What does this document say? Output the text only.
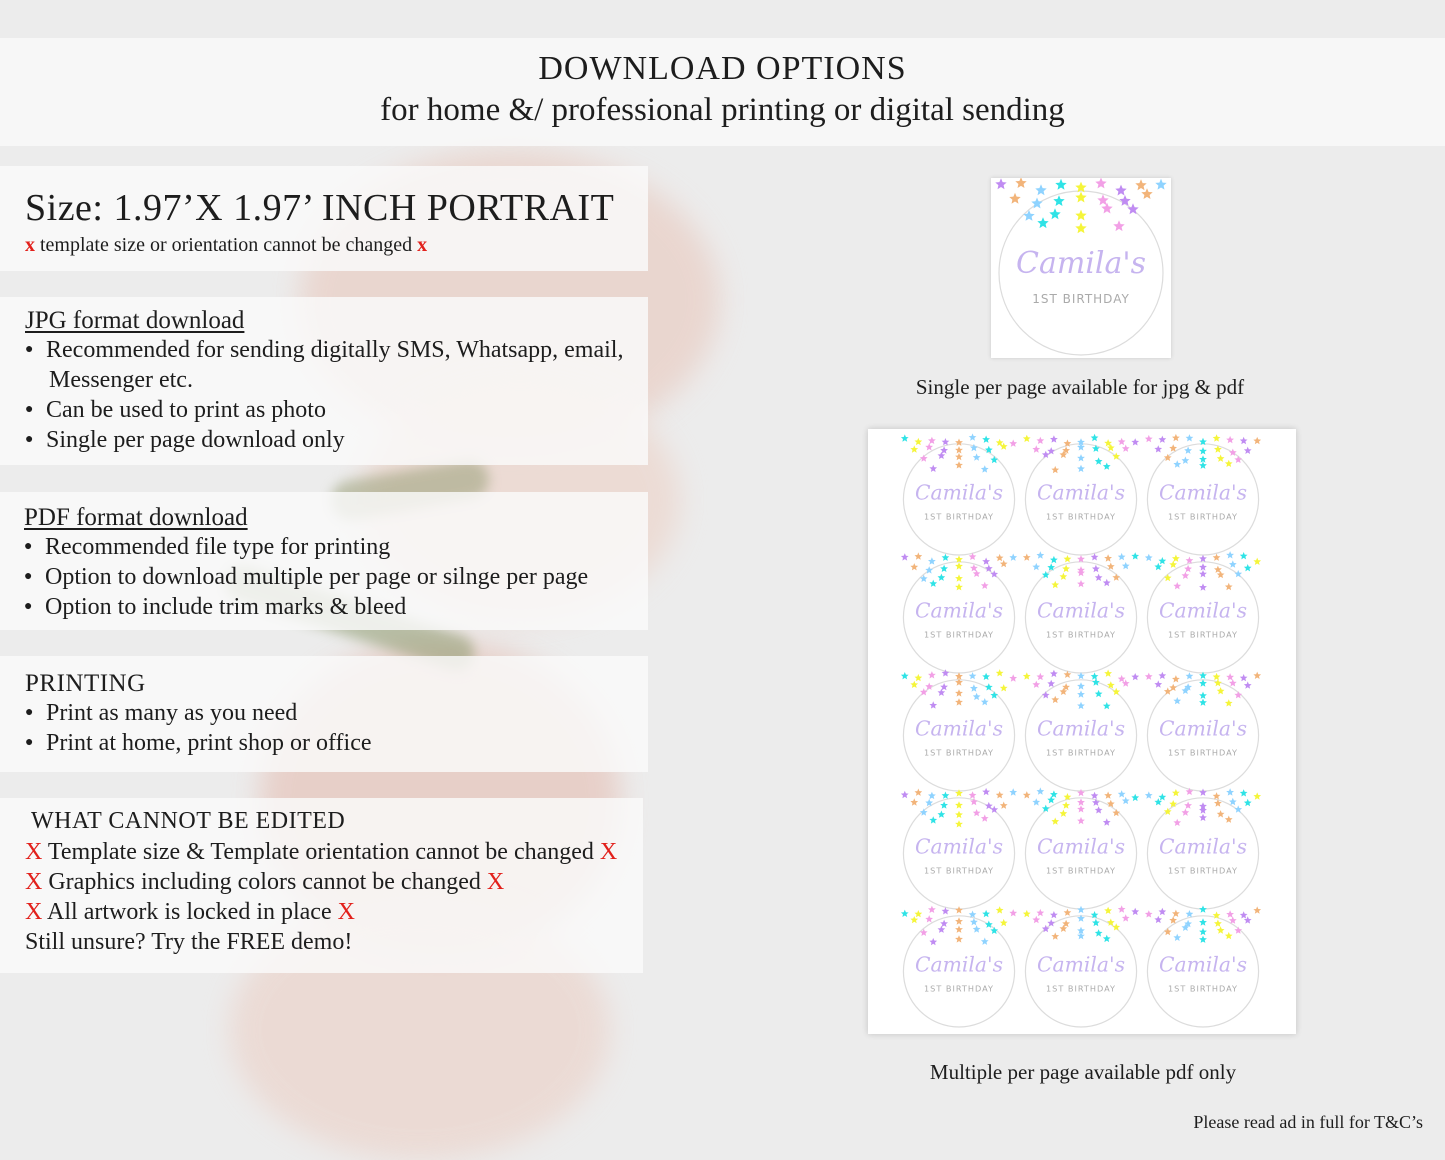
DOWNLOAD OPTIONS
for home &/ professional printing or digital sending
Size: 1.97’X 1.97’ INCH PORTRAIT
x template size or orientation cannot be changed x
JPG format download
● Recommended for sending digitally SMS, Whatsapp, email,
Messenger etc.
● Can be used to print as photo
● Single per page download only
PDF format download
● Recommended file type for printing
● Option to download multiple per page or silnge per page
● Option to include trim marks & bleed
PRINTING
● Print as many as you need
● Print at home, print shop or office
WHAT CANNOT BE EDITED
X Template size & Template orientation cannot be changed X
X Graphics including colors cannot be changed X
X All artwork is locked in place X
Still unsure? Try the FREE demo!
Camila's
1ST BIRTHDAY
Single per page available for jpg & pdf
Camila's
1ST BIRTHDAY
Camila's
1ST BIRTHDAY
Camila's
1ST BIRTHDAY
Camila's
1ST BIRTHDAY
Camila's
1ST BIRTHDAY
Camila's
1ST BIRTHDAY
Camila's
1ST BIRTHDAY
Camila's
1ST BIRTHDAY
Camila's
1ST BIRTHDAY
Camila's
1ST BIRTHDAY
Camila's
1ST BIRTHDAY
Camila's
1ST BIRTHDAY
Camila's
1ST BIRTHDAY
Camila's
1ST BIRTHDAY
Camila's
1ST BIRTHDAY
Multiple per page available pdf only
Please read ad in full for T&C’s
